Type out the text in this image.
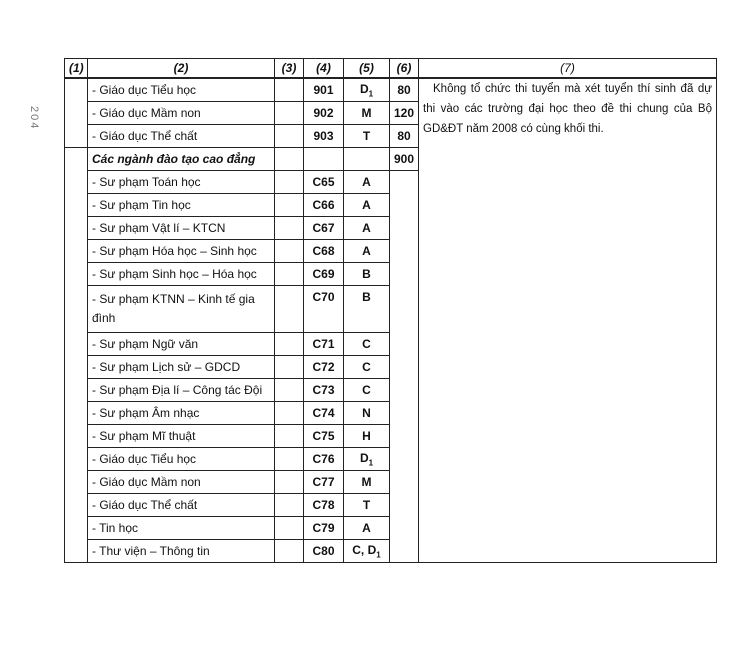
204
(1)	(2)	(3)	(4)	(5)	(6)	(7)
	- Giáo dục Tiểu học		901	$D_1$	80	Không tổ chức thi tuyển mà xét tuyển thí sinh đã dự thi vào các trường đại học theo đề thi chung của Bộ GD&ĐT năm 2008 có cùng khối thi.
	- Giáo dục Mầm non		902	M	120	
	- Giáo dục Thể chất		903	T	80	
	Các ngành đào tạo cao đẳng				900	
	- Sư phạm Toán học		C65	A		
	- Sư phạm Tin học		C66	A		
	- Sư phạm Vật lí – KTCN		C67	A		
	- Sư phạm Hóa học – Sinh học		C68	A		
	- Sư phạm Sinh học – Hóa học		C69	B		
	- Sư phạm KTNN – Kinh tế gia đình		C70	B		
	- Sư phạm Ngữ văn		C71	C		
	- Sư phạm Lịch sử – GDCD		C72	C		
	- Sư phạm Địa lí – Công tác Đội		C73	C		
	- Sư phạm Âm nhạc		C74	N		
	- Sư phạm Mĩ thuật		C75	H		
	- Giáo dục Tiểu học		C76	$D_1$
	- Giáo dục Mầm non		C77	M		
	- Giáo dục Thể chất		C78	T		
	- Tin học		C79	A		
	- Thư viện – Thông tin		C80	C, $D_1$
